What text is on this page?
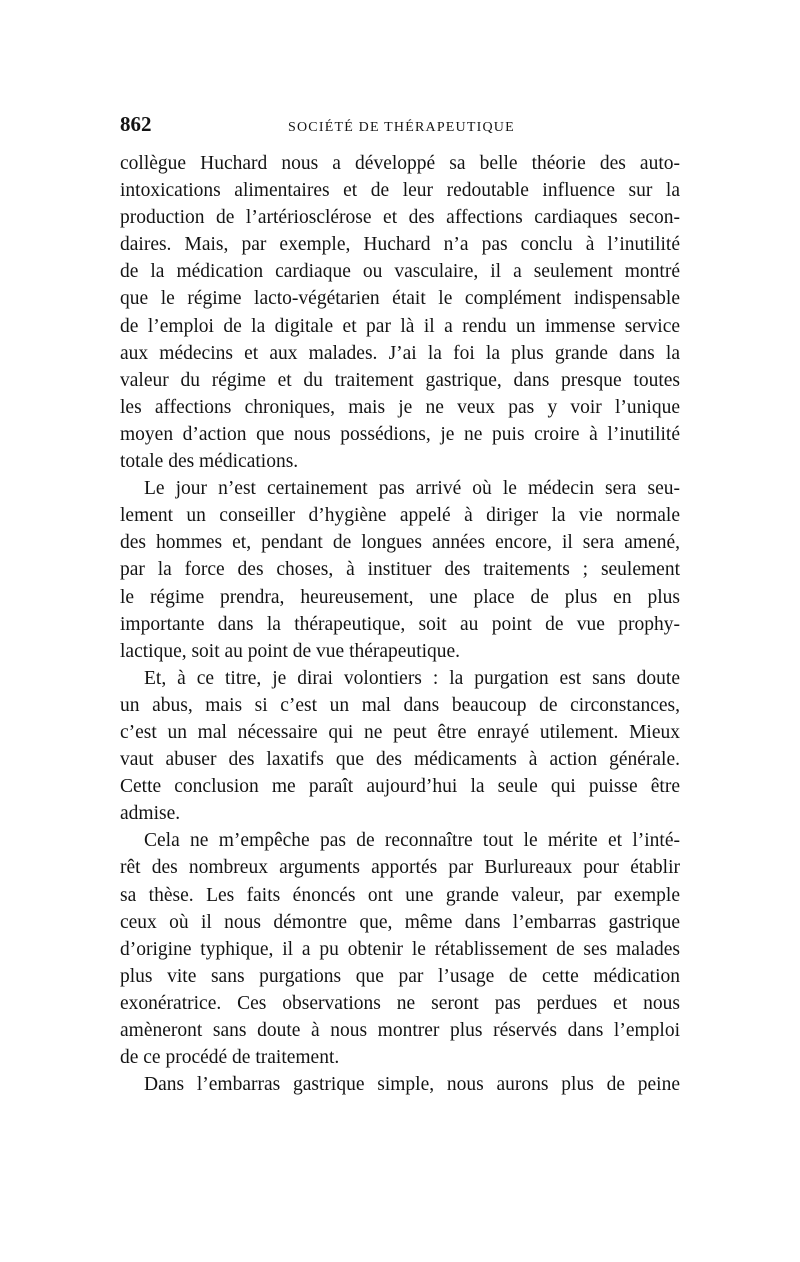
862	SOCIÉTÉ DE THÉRAPEUTIQUE
collègue Huchard nous a développé sa belle théorie des auto-
intoxications alimentaires et de leur redoutable influence sur la
production de l’artériosclérose et des affections cardiaques secon-
daires. Mais, par exemple, Huchard n’a pas conclu à l’inutilité
de la médication cardiaque ou vasculaire, il a seulement montré
que le régime lacto-végétarien était le complément indispensable
de l’emploi de la digitale et par là il a rendu un immense service
aux médecins et aux malades. J’ai la foi la plus grande dans la
valeur du régime et du traitement gastrique, dans presque toutes
les affections chroniques, mais je ne veux pas y voir l’unique
moyen d’action que nous possédions, je ne puis croire à l’inutilité
totale des médications.
Le jour n’est certainement pas arrivé où le médecin sera seu-
lement un conseiller d’hygiène appelé à diriger la vie normale
des hommes et, pendant de longues années encore, il sera amené,
par la force des choses, à instituer des traitements ; seulement
le régime prendra, heureusement, une place de plus en plus
importante dans la thérapeutique, soit au point de vue prophy-
lactique, soit au point de vue thérapeutique.
Et, à ce titre, je dirai volontiers : la purgation est sans doute
un abus, mais si c’est un mal dans beaucoup de circonstances,
c’est un mal nécessaire qui ne peut être enrayé utilement. Mieux
vaut abuser des laxatifs que des médicaments à action générale.
Cette conclusion me paraît aujourd’hui la seule qui puisse être
admise.
Cela ne m’empêche pas de reconnaître tout le mérite et l’inté-
rêt des nombreux arguments apportés par Burlureaux pour établir
sa thèse. Les faits énoncés ont une grande valeur, par exemple
ceux où il nous démontre que, même dans l’embarras gastrique
d’origine typhique, il a pu obtenir le rétablissement de ses malades
plus vite sans purgations que par l’usage de cette médication
exonératrice. Ces observations ne seront pas perdues et nous
amèneront sans doute à nous montrer plus réservés dans l’emploi
de ce procédé de traitement.
Dans l’embarras gastrique simple, nous aurons plus de peine
